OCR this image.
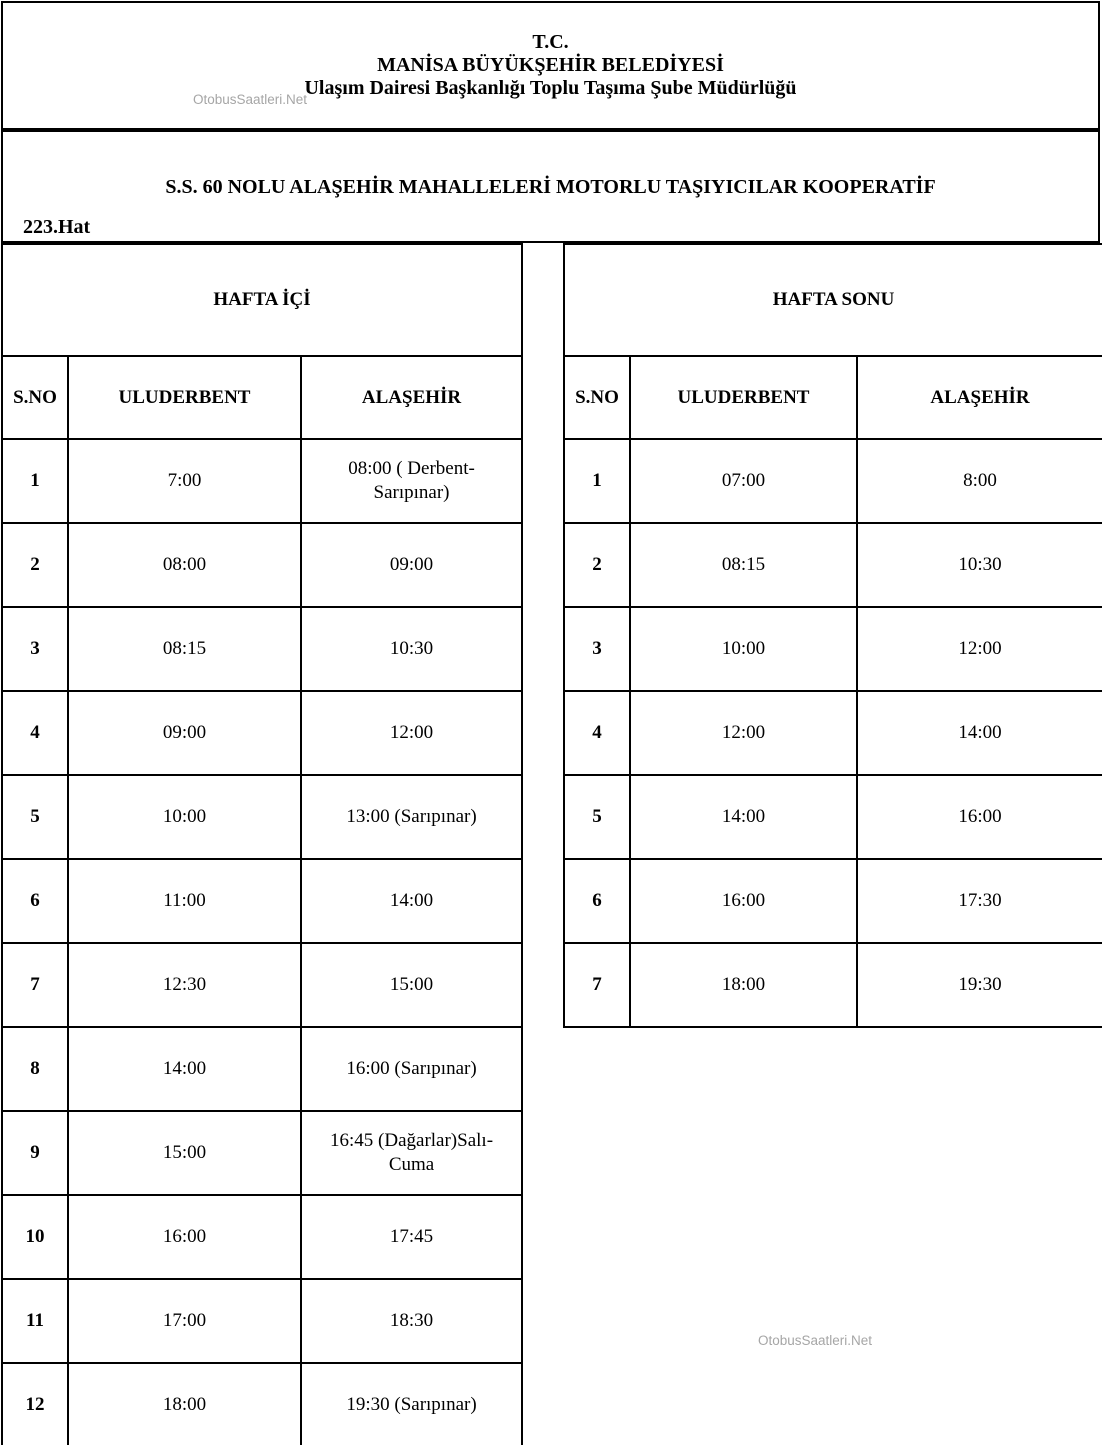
OtobusSaatleri.Net
T.C.
MANİSA BÜYÜKŞEHİR BELEDİYESİ
Ulaşım Dairesi Başkanlığı Toplu Taşıma Şube Müdürlüğü
S.S. 60 NOLU ALAŞEHİR MAHALLELERİ MOTORLU TAŞIYICILAR KOOPERATİF
223.Hat
HAFTA İÇİ		
S.NO	ULUDERBENT	ALAŞEHİR
1	7:00	08:00 ( Derbent-Sarıpınar)
2	08:00	09:00
3	08:15	10:30
4	09:00	12:00
5	10:00	13:00 (Sarıpınar)
6	11:00	14:00
7	12:30	15:00
8	14:00	16:00 (Sarıpınar)
9	15:00	16:45 (Dağarlar)Salı-Cuma
10	16:00	17:45
11	17:00	18:30
12	18:00	19:30 (Sarıpınar)
HAFTA SONU		
S.NO	ULUDERBENT	ALAŞEHİR
1	07:00	8:00
2	08:15	10:30
3	10:00	12:00
4	12:00	14:00
5	14:00	16:00
6	16:00	17:30
7	18:00	19:30
OtobusSaatleri.Net
